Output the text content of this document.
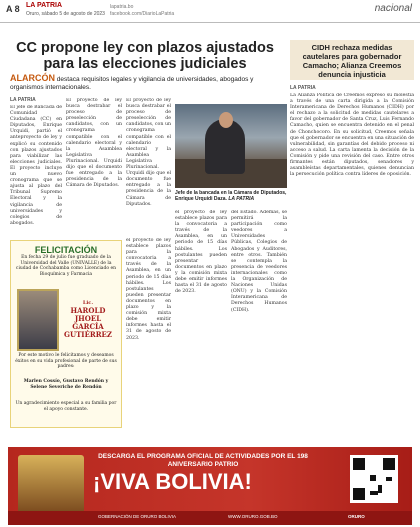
A 8 LA PATRIA
Oruro, sábado 5 de agosto de 2023
lapatria.bo
facebook.com/DiarioLaPatria	nacional
CC propone ley con plazos ajustados para las elecciones judiciales
ALARCÓN destaca requisitos legales y vigilancia de universidades, abogados y organismos internacionales.
LA PATRIA
El jefe de Bancada de Comunidad Ciudadana (CC) en Diputados, Enrique Urquidi, partió el anteproyecto de ley y explicó su contenido con plazos ajustados para viabilizar las elecciones judiciales. El proyecto incluye un nuevo cronograma que se ajusta al plazo del Tribunal Supremo Electoral y la vigilancia de universidades y colegios de abogados.
El proyecto de ley busca destrabar el proceso de preselección de candidatos, con un cronograma compatible con el calendario electoral y la Asamblea Legislativa Plurinacional. Urquidi dijo que el documento fue entregado a la presidencia de la Cámara de Diputados.
El proyecto de ley busca destrabar el proceso de preselección de candidatos, con un cronograma compatible con el calendario electoral y la Asamblea Legislativa Plurinacional. Urquidi dijo que el documento fue entregado a la presidencia de la Cámara de Diputados.
Jefe de la bancada en la Cámara de Diputados, Enrique Urquidi Daza. LA PATRIA
el proyecto de ley establece plazos para la convocatoria a través de la Asamblea, en un periodo de 15 días hábiles. Los postulantes pueden presentar documentos en plazo y la comisión mixta debe emitir informes hasta el 31 de agosto de 2023.
el proyecto de ley establece plazos para la convocatoria a través de la Asamblea, en un periodo de 15 días hábiles. Los postulantes pueden presentar documentos en plazo y la comisión mixta debe emitir informes hasta el 31 de agosto de 2023.
del Estado. Además, se permitirá la participación como veedores a Universidades Públicas, Colegios de Abogados y Auditores, entre otros. También se contempla la presencia de veedores internacionales como la Organización de Naciones Unidas (ONU) y la Comisión Interamericana de Derechos Humanos (CIDH).
FELICITACIÓN
En fecha 29 de julio fue graduado de la Universidad del Valle (UNIVALLE) de la ciudad de Cochabamba como Licenciado en Bioquímica y Farmacia
Lic.
HAROLD JHOEL GARCÍA GUTIÉRREZ
Por este motivo le felicitamos y deseamos éxitos en su vida profesional de parte de sus padres:
Marlen Cossío, Gustavo Rendón y Selene Severiche de Rendón
Un agradecimiento especial a su familia por el apoyo constante.
CIDH rechaza medidas cautelares para gobernador Camacho; Alianza Creemos denuncia injusticia
LA PATRIA
La Alianza Política de Creemos expresó su molestia a través de una carta dirigida a la Comisión Interamericana de Derechos Humanos (CIDH) por el rechazo a la solicitud de medidas cautelares a favor del gobernador de Santa Cruz, Luis Fernando Camacho, quien se encuentra detenido en el penal de Chonchocoro. En su solicitud, Creemos señala que el gobernador se encuentra en una situación de vulnerabilidad, sin garantías del debido proceso ni acceso a salud. La carta lamenta la decisión de la Comisión y pide una revisión del caso. Entre otros firmantes están diputados, senadores y asambleístas departamentales, quienes denuncian la persecución política contra líderes de oposición.
DESCARGA EL PROGRAMA OFICIAL DE ACTIVIDADES POR EL 198 ANIVERSARIO PATRIO
¡VIVA BOLIVIA!
GOBERNACIÓN DE ORURO BOLIVIA	WWW.ORURO.GOB.BO	ORURO
